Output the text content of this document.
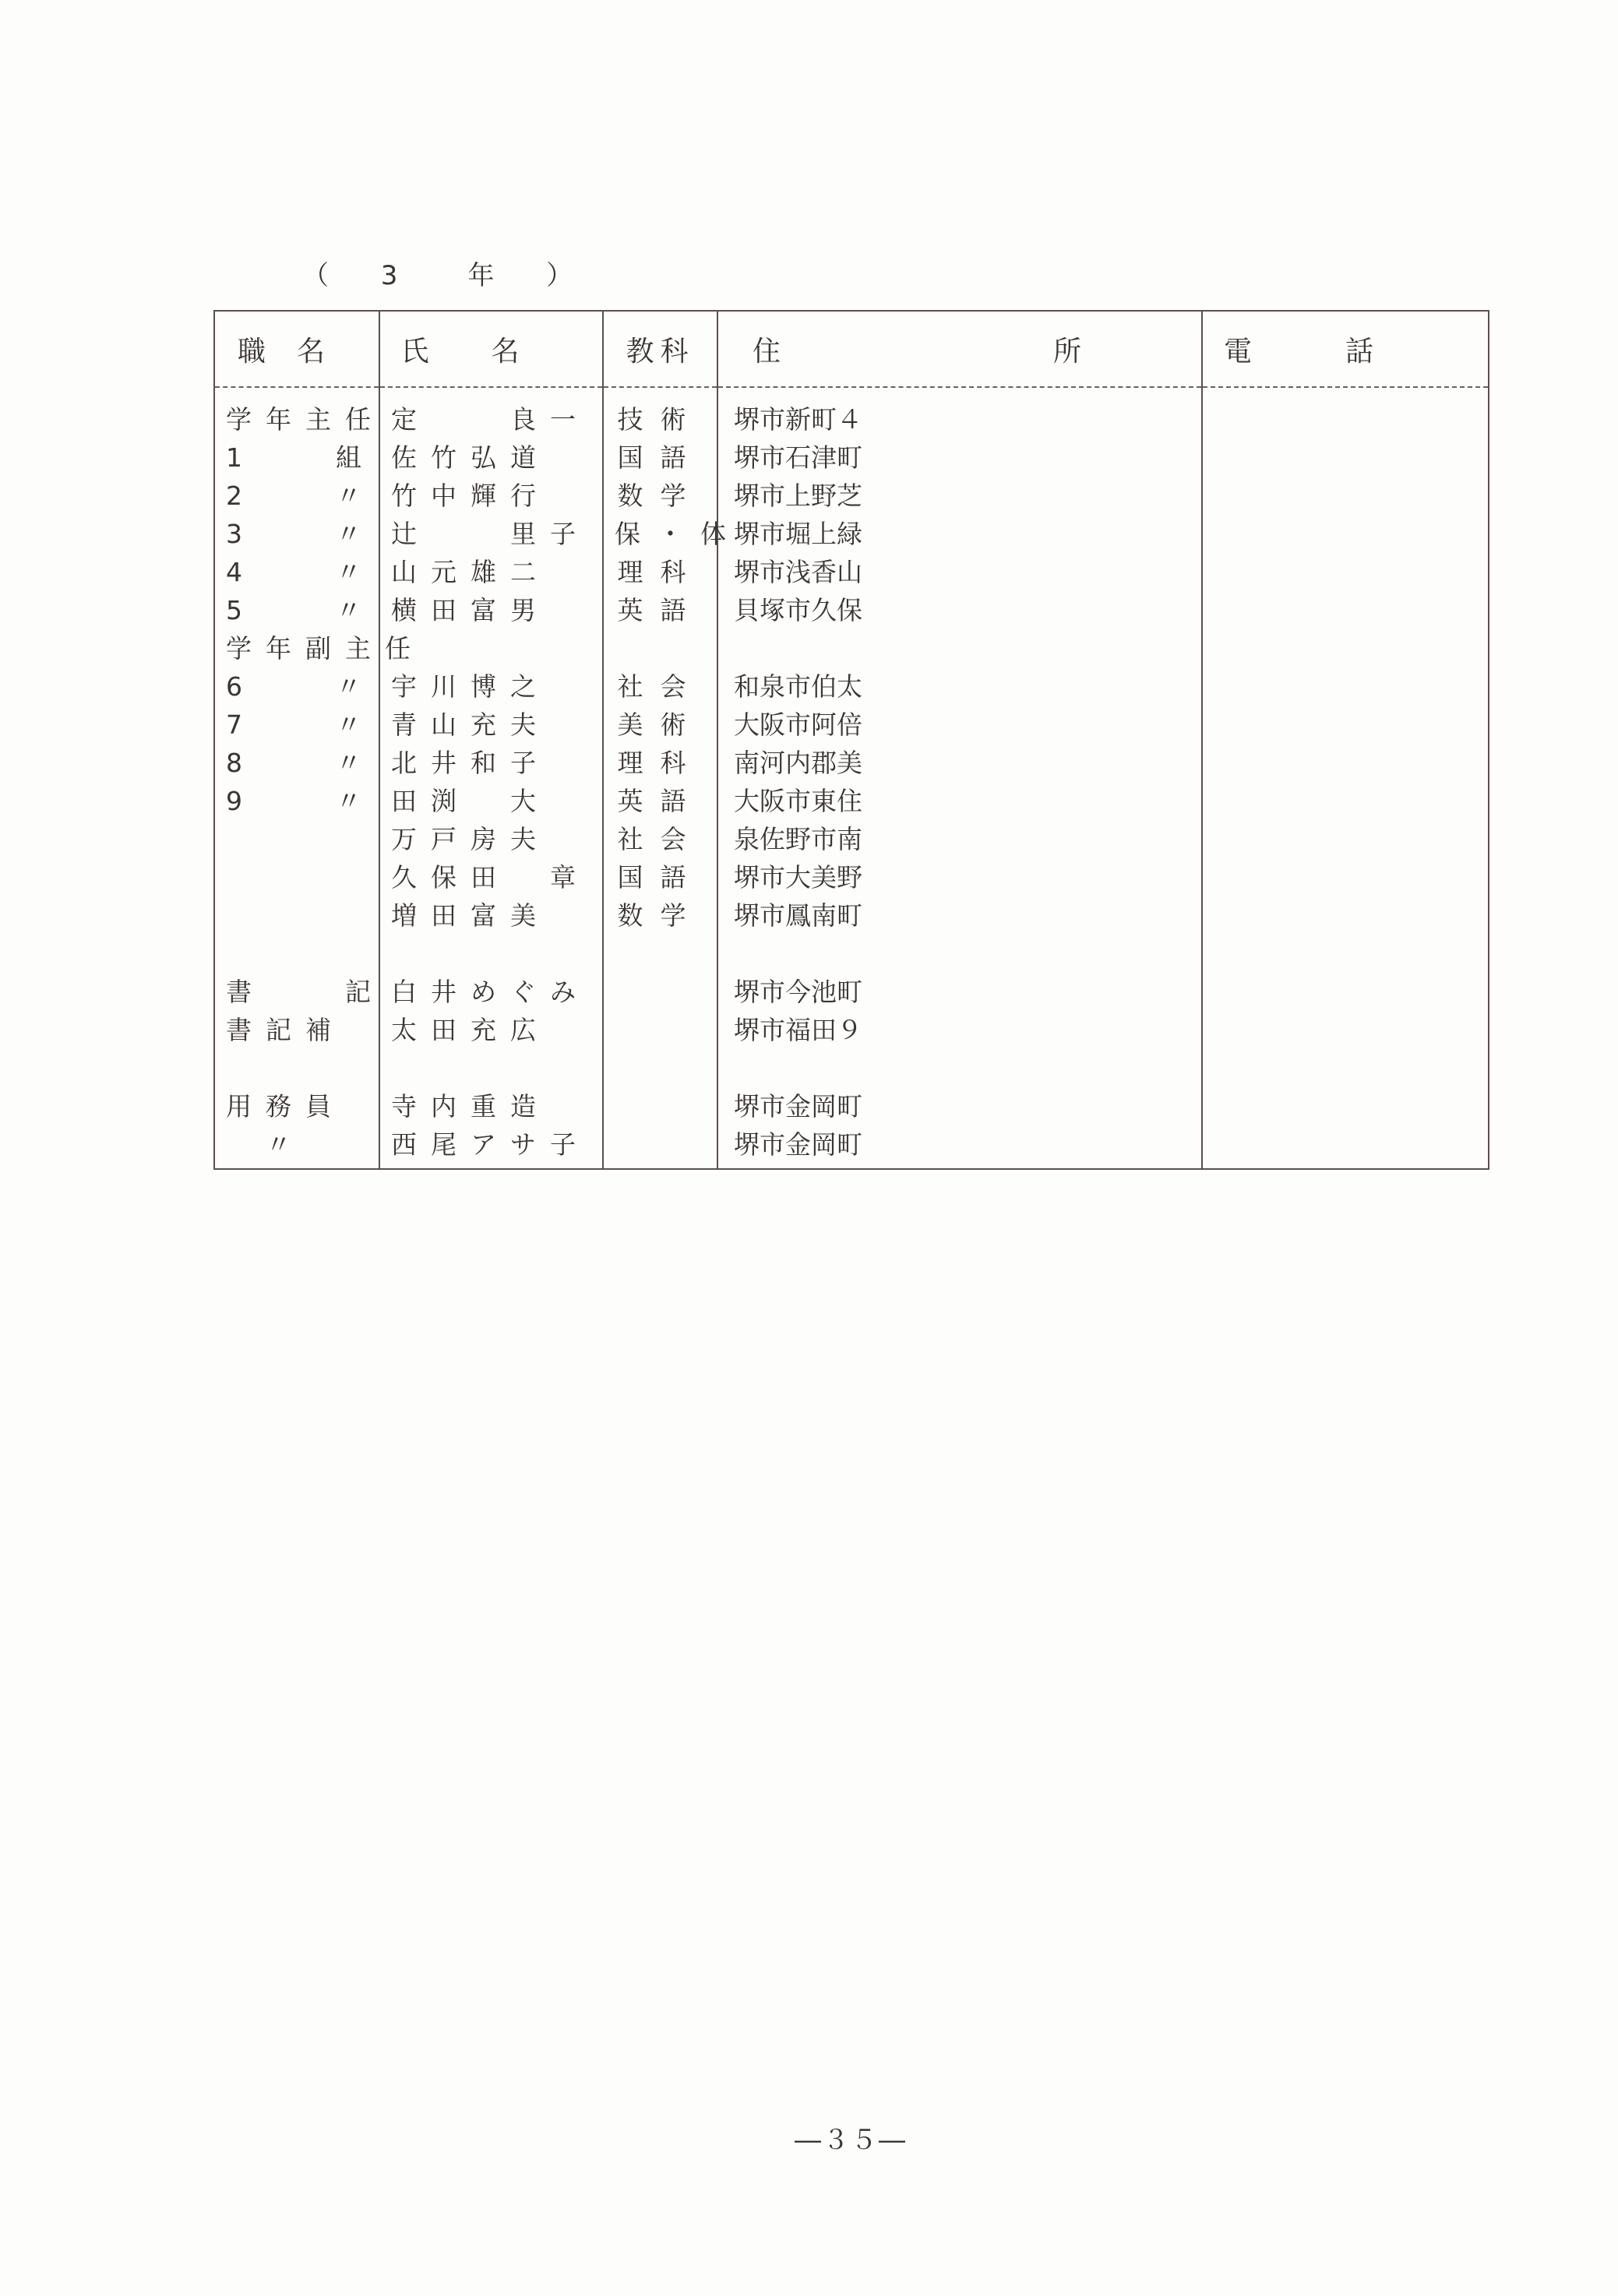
（ 3　年 ）
職名	氏名	教科	住 所	電話

学年主任	定　　良一	技術	堺市新町４	
1　　組	佐竹弘道	国語	堺市石津町	
2　　〃	竹中輝行	数学	堺市上野芝	
3　　〃	辻　　里子	保・体	堺市堀上緑	
4　　〃	山元雄二	理科	堺市浅香山	
5　　〃	横田富男	英語	貝塚市久保	
学年副主任				
6　　〃	宇川博之	社会	和泉市伯太	
7　　〃	青山充夫	美術	大阪市阿倍	
8　　〃	北井和子	理科	南河内郡美	
9　　〃	田渕　大	英語	大阪市東住	
	万戸房夫	社会	泉佐野市南	
	久保田　章	国語	堺市大美野	
	増田富美	数学	堺市鳳南町	

書　　記	白井めぐみ		堺市今池町	
書記補	太田充広		堺市福田９	

用務員	寺内重造		堺市金岡町	
　〃	西尾アサ子		堺市金岡町	

―３５―
